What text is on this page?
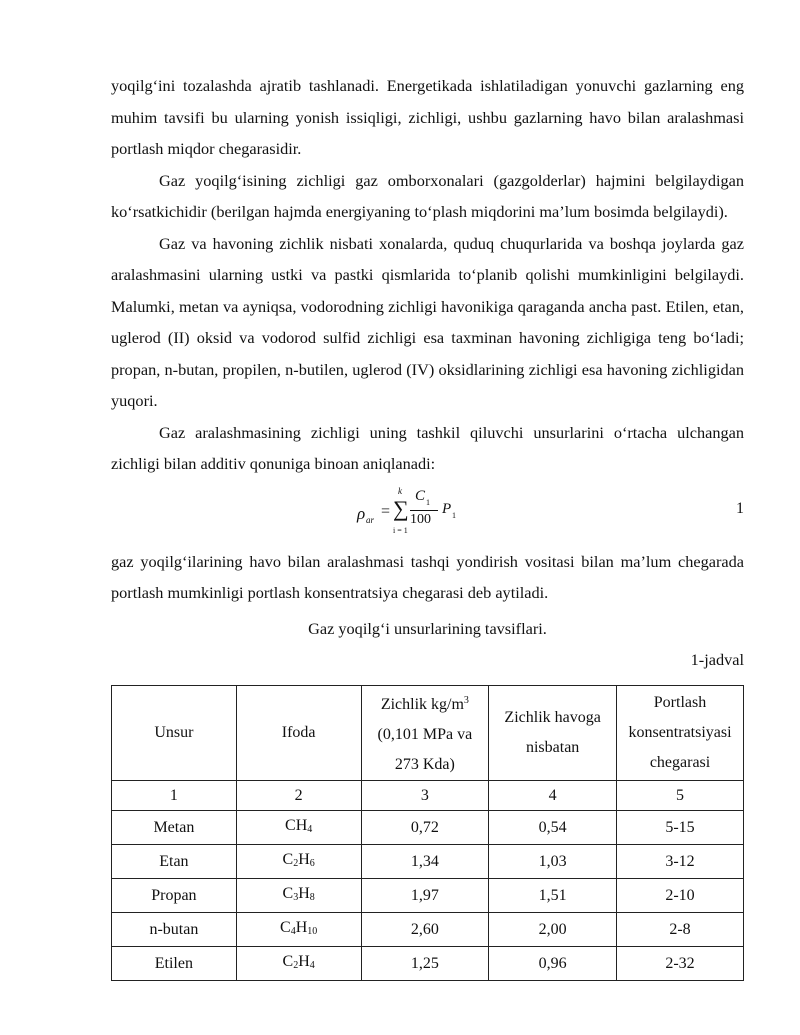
yoqilg‘ini tozalashda ajratib tashlanadi. Energetikada ishlatiladigan yonuvchi gazlarning eng muhim tavsifi bu ularning yonish issiqligi, zichligi, ushbu gazlarning havo bilan aralashmasi portlash miqdor chegarasidir.

Gaz yoqilg‘isining zichligi gaz omborxonalari (gazgolderlar) hajmini belgilaydigan ko‘rsatkichidir (berilgan hajmda energiyaning to‘plash miqdorini ma’lum bosimda belgilaydi).

Gaz va havoning zichlik nisbati xonalarda, quduq chuqurlarida va boshqa joylarda gaz aralashmasini ularning ustki va pastki qismlarida to‘planib qolishi mumkinligini belgilaydi. Malumki, metan va ayniqsa, vodorodning zichligi havonikiga qaraganda ancha past. Etilen, etan, uglerod (II) oksid va vodorod sulfid zichligi esa taxminan havoning zichligiga teng bo‘ladi; propan, n-butan, propilen, n-butilen, uglerod (IV) oksidlarining zichligi esa havoning zichligidan yuqori.

Gaz aralashmasining zichligi uning tashkil qiluvchi unsurlarini o‘rtacha ulchangan zichligi bilan additiv qonuniga binoan aniqlanadi:

ρ ar =
k
∑
i = 1
C 1
100
P 1	1

gaz yoqilg‘ilarining havo bilan aralashmasi tashqi yondirish vositasi bilan ma’lum chegarada portlash mumkinligi portlash konsentratsiya chegarasi deb aytiladi.

Gaz yoqilg‘i unsurlarining tavsiflari.
1-jadval
Unsur	Ifoda	Zichlik $kg/m^3$ (0,101 MPa va 273 Kda)	Zichlik havoga nisbatan	Portlash konsentratsiyasi chegarasi
1	2	3	4	5
Metan	$CH_4$	0,72	0,54	5-15
Etan	$C_2H_6$	1,34	1,03	3-12
Propan	$C_3H_8$	1,97	1,51	2-10
n-butan	$C_4H_{10}$	2,60	2,00	2-8
Etilen	$C_2H_4$	1,25	0,96	2-32
